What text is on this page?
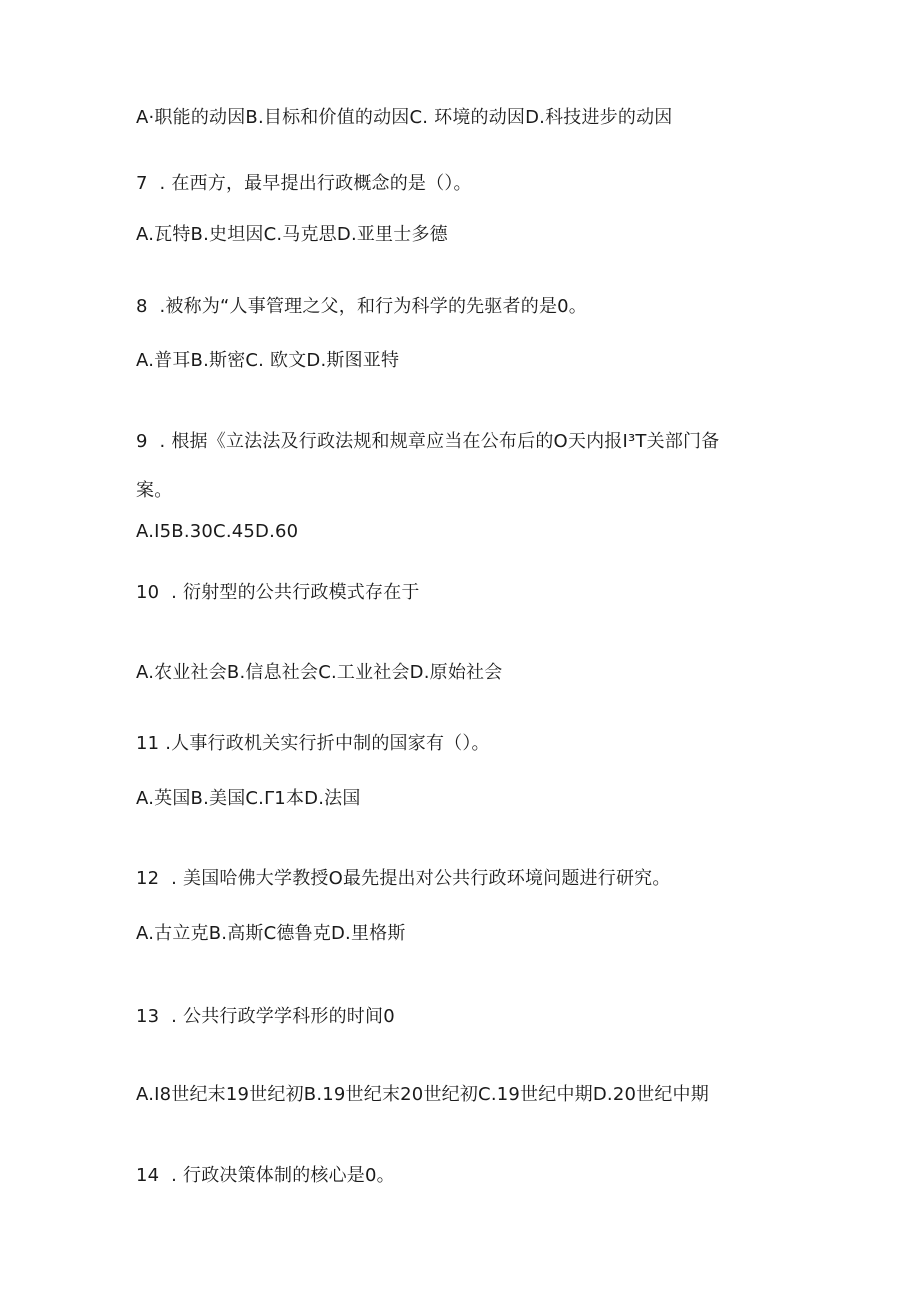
A·职能的动因B.目标和价值的动因C. 环境的动因D.科技进步的动因
7  . 在西方，最早提出行政概念的是（）。
A.瓦特B.史坦因C.马克思D.亚里士多德
8  .被称为“人事管理之父，和行为科学的先驱者的是0。
A.普耳B.斯密C. 欧文D.斯图亚特
9  . 根据《立法法及行政法规和规章应当在公布后的O天内报I³T关部门备
案。
A.I5B.30C.45D.60
10  . 衍射型的公共行政模式存在于
A.农业社会B.信息社会C.工业社会D.原始社会
11 .人事行政机关实行折中制的国家有（）。
A.英国B.美国C.Γ1本D.法国
12  . 美国哈佛大学教授O最先提出对公共行政环境问题进行研究。
A.古立克B.高斯C德鲁克D.里格斯
13  . 公共行政学学科形的时间0
A.I8世纪末19世纪初B.19世纪末20世纪初C.19世纪中期D.20世纪中期
14  . 行政决策体制的核心是0。
